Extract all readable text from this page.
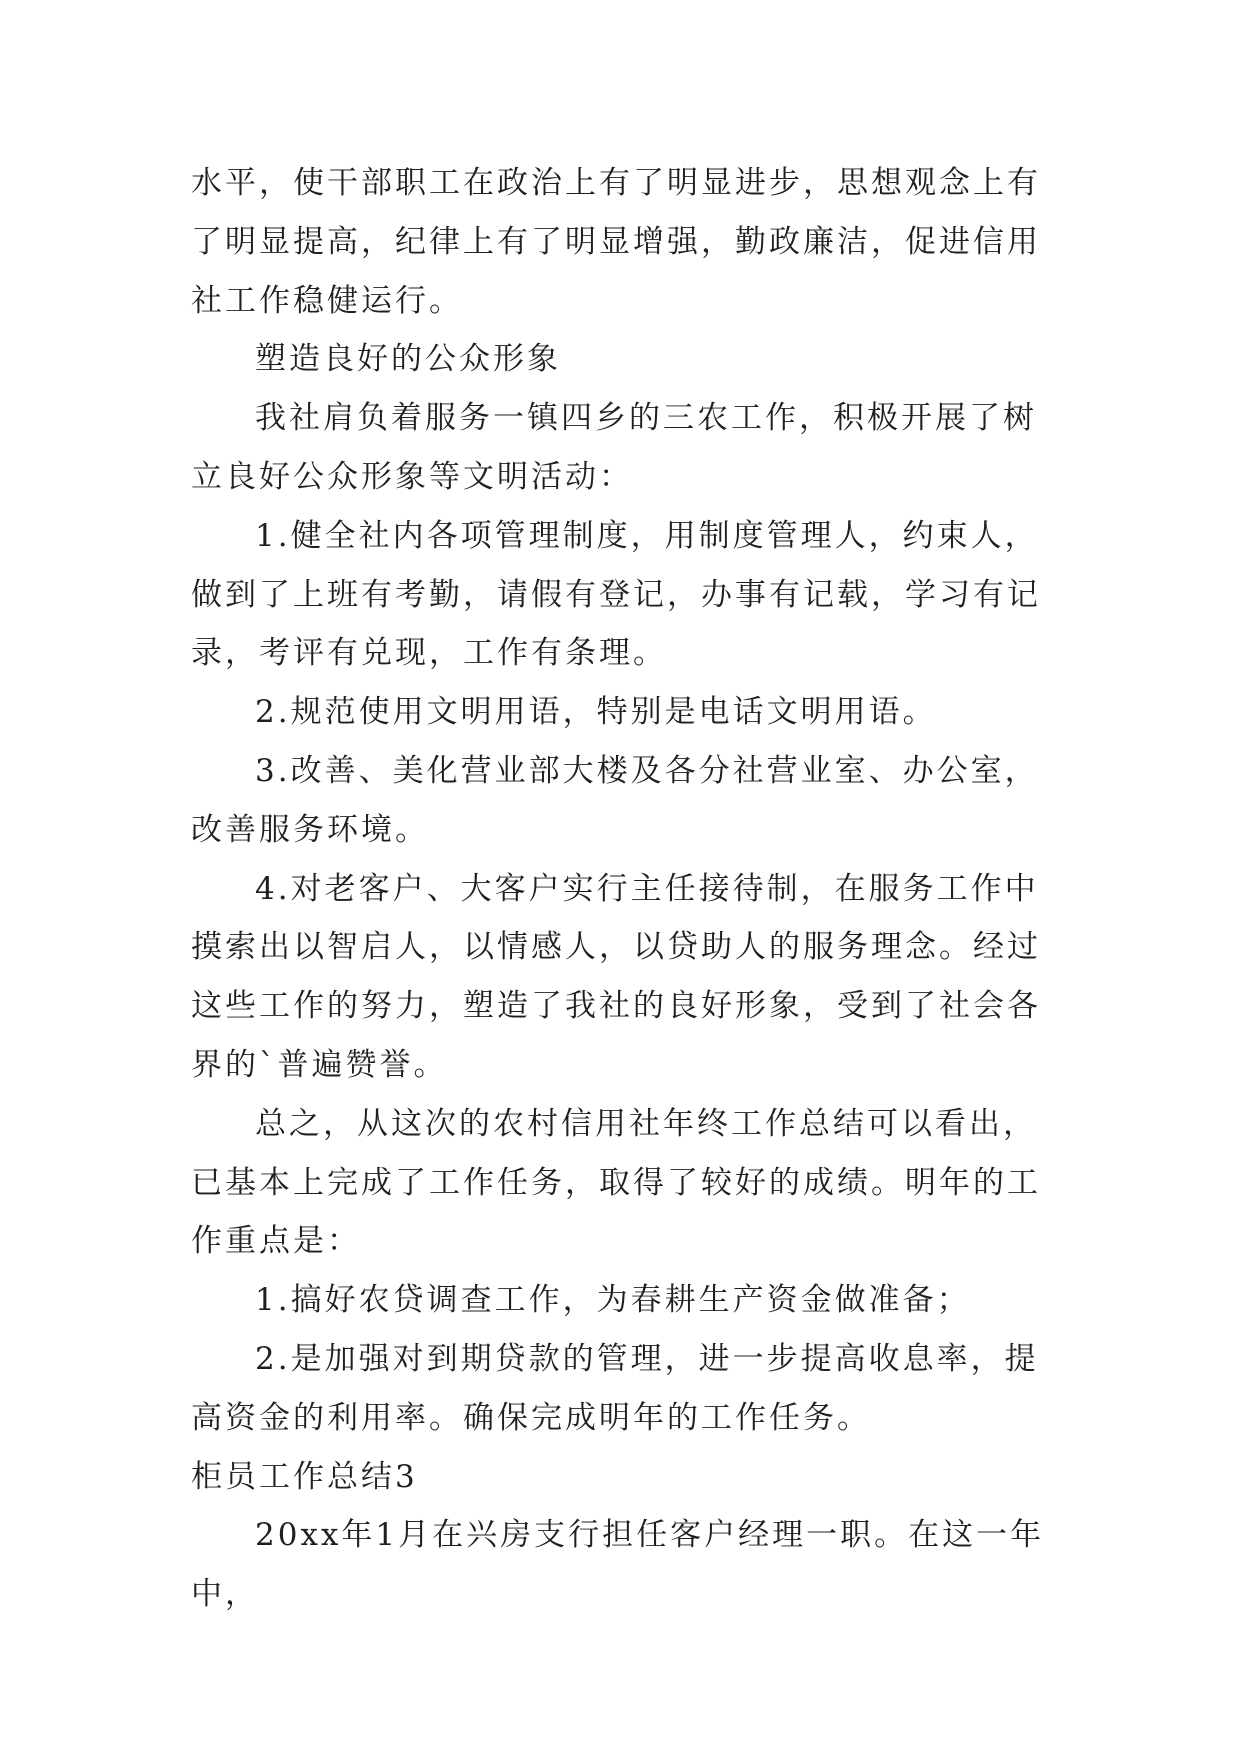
水平，使干部职工在政治上有了明显进步，思想观念上有了明显提高，纪律上有了明显增强，勤政廉洁，促进信用社工作稳健运行。

塑造良好的公众形象

我社肩负着服务一镇四乡的三农工作，积极开展了树立良好公众形象等文明活动：

1.健全社内各项管理制度，用制度管理人，约束人，做到了上班有考勤，请假有登记，办事有记载，学习有记录，考评有兑现，工作有条理。

2.规范使用文明用语，特别是电话文明用语。

3.改善、美化营业部大楼及各分社营业室、办公室，改善服务环境。

4.对老客户、大客户实行主任接待制，在服务工作中摸索出以智启人，以情感人，以贷助人的服务理念。经过这些工作的努力，塑造了我社的良好形象，受到了社会各界的`普遍赞誉。

总之，从这次的农村信用社年终工作总结可以看出，已基本上完成了工作任务，取得了较好的成绩。明年的工作重点是：

1.搞好农贷调查工作，为春耕生产资金做准备；

2.是加强对到期贷款的管理，进一步提高收息率，提高资金的利用率。确保完成明年的工作任务。

柜员工作总结3

20xx年1月在兴房支行担任客户经理一职。在这一年中，
